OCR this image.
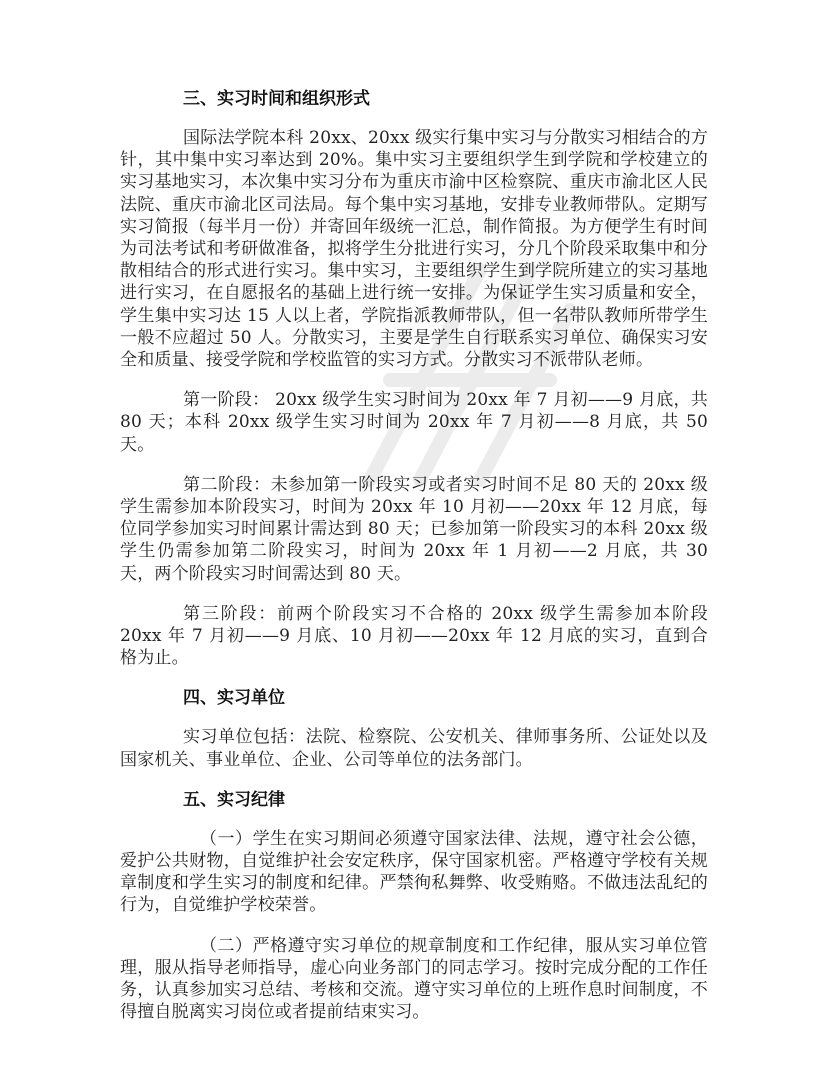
三、实习时间和组织形式

国际法学院本科 20xx、20xx 级实行集中实习与分散实习相结合的方针，其中集中实习率达到 20%。集中实习主要组织学生到学院和学校建立的实习基地实习，本次集中实习分布为重庆市渝中区检察院、重庆市渝北区人民法院、重庆市渝北区司法局。每个集中实习基地，安排专业教师带队。定期写实习简报（每半月一份）并寄回年级统一汇总，制作简报。为方便学生有时间为司法考试和考研做准备，拟将学生分批进行实习，分几个阶段采取集中和分散相结合的形式进行实习。集中实习，主要组织学生到学院所建立的实习基地进行实习，在自愿报名的基础上进行统一安排。为保证学生实习质量和安全，学生集中实习达 15 人以上者，学院指派教师带队，但一名带队教师所带学生一般不应超过 50 人。分散实习，主要是学生自行联系实习单位、确保实习安全和质量、接受学院和学校监管的实习方式。分散实习不派带队老师。

第一阶段： 20xx 级学生实习时间为 20xx 年 7 月初——9 月底，共 80 天；本科 20xx 级学生实习时间为 20xx 年 7 月初——8 月底，共 50 天。

第二阶段：未参加第一阶段实习或者实习时间不足 80 天的 20xx 级学生需参加本阶段实习，时间为 20xx 年 10 月初——20xx 年 12 月底，每位同学参加实习时间累计需达到 80 天；已参加第一阶段实习的本科 20xx 级学生仍需参加第二阶段实习，时间为 20xx 年 1 月初——2 月底，共 30 天，两个阶段实习时间需达到 80 天。

第三阶段：前两个阶段实习不合格的 20xx 级学生需参加本阶段 20xx 年 7 月初——9 月底、10 月初——20xx 年 12 月底的实习，直到合格为止。

四、实习单位

实习单位包括：法院、检察院、公安机关、律师事务所、公证处以及国家机关、事业单位、企业、公司等单位的法务部门。

五、实习纪律

（一）学生在实习期间必须遵守国家法律、法规，遵守社会公德，爱护公共财物，自觉维护社会安定秩序，保守国家机密。严格遵守学校有关规章制度和学生实习的制度和纪律。严禁徇私舞弊、收受贿赂。不做违法乱纪的行为，自觉维护学校荣誉。

（二）严格遵守实习单位的规章制度和工作纪律，服从实习单位管理，服从指导老师指导，虚心向业务部门的同志学习。按时完成分配的工作任务，认真参加实习总结、考核和交流。遵守实习单位的上班作息时间制度，不得擅自脱离实习岗位或者提前结束实习。
